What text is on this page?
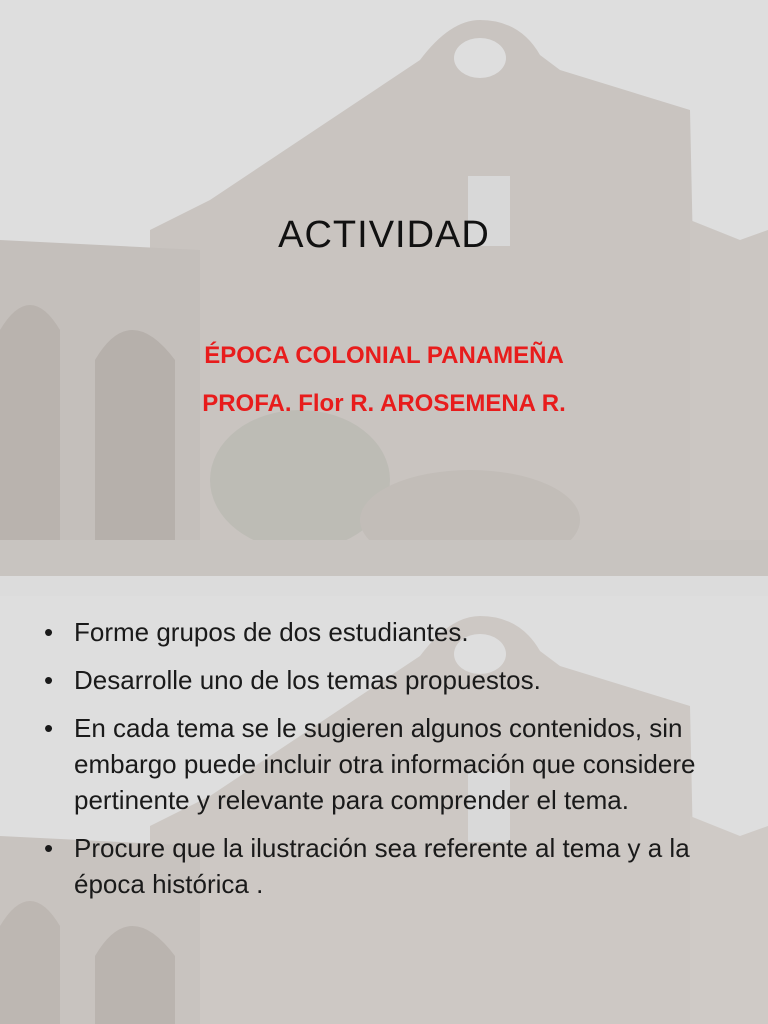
ACTIVIDAD
ÉPOCA COLONIAL PANAMEÑA
PROFA. Flor R. AROSEMENA R.
• Forme grupos de dos estudiantes.
• Desarrolle uno de los temas propuestos.
• En cada tema se le sugieren algunos contenidos, sin embargo puede incluir otra información que considere pertinente y relevante para comprender el tema.
• Procure que la ilustración sea referente al tema y a la época histórica .
